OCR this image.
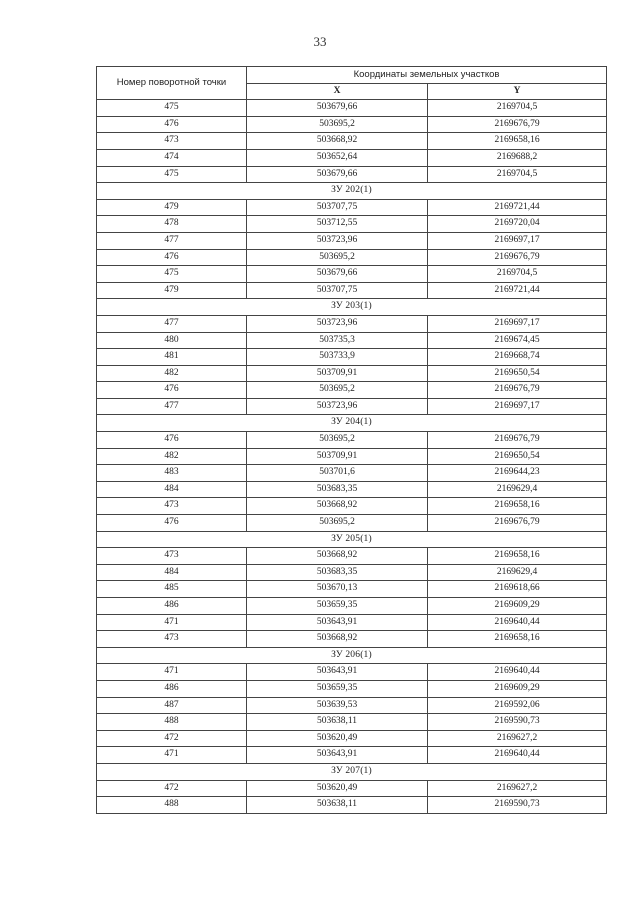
33
Номер поворотной точки	Координаты земельных участков	
	X	Y
475	503679,66	2169704,5
476	503695,2	2169676,79
473	503668,92	2169658,16
474	503652,64	2169688,2
475	503679,66	2169704,5
ЗУ 202(1)		
479	503707,75	2169721,44
478	503712,55	2169720,04
477	503723,96	2169697,17
476	503695,2	2169676,79
475	503679,66	2169704,5
479	503707,75	2169721,44
ЗУ 203(1)		
477	503723,96	2169697,17
480	503735,3	2169674,45
481	503733,9	2169668,74
482	503709,91	2169650,54
476	503695,2	2169676,79
477	503723,96	2169697,17
ЗУ 204(1)		
476	503695,2	2169676,79
482	503709,91	2169650,54
483	503701,6	2169644,23
484	503683,35	2169629,4
473	503668,92	2169658,16
476	503695,2	2169676,79
ЗУ 205(1)		
473	503668,92	2169658,16
484	503683,35	2169629,4
485	503670,13	2169618,66
486	503659,35	2169609,29
471	503643,91	2169640,44
473	503668,92	2169658,16
ЗУ 206(1)		
471	503643,91	2169640,44
486	503659,35	2169609,29
487	503639,53	2169592,06
488	503638,11	2169590,73
472	503620,49	2169627,2
471	503643,91	2169640,44
ЗУ 207(1)		
472	503620,49	2169627,2
488	503638,11	2169590,73
